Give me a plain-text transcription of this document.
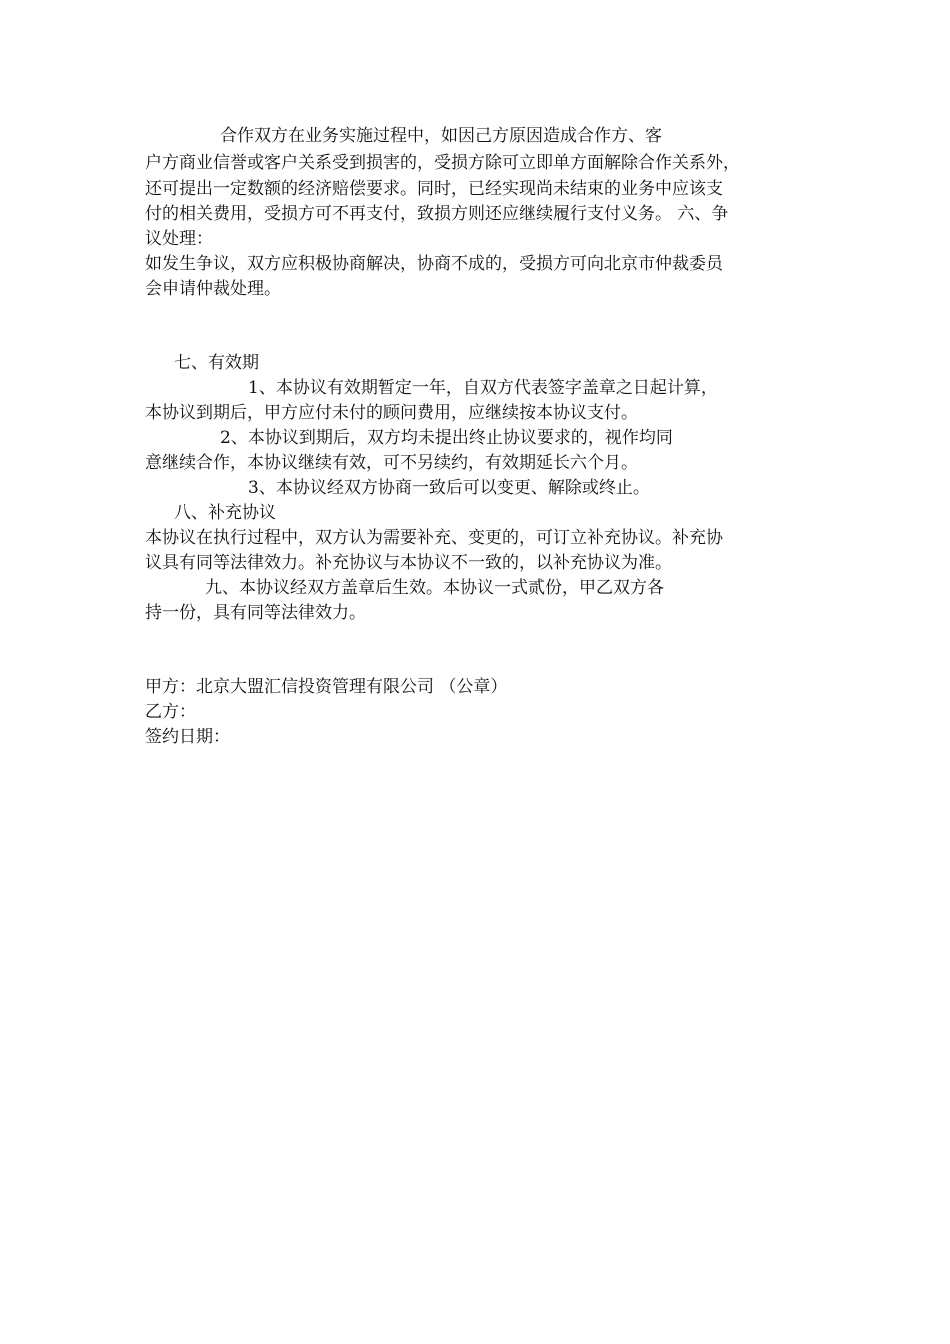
合作双方在业务实施过程中，如因己方原因造成合作方、客
户方商业信誉或客户关系受到损害的，受损方除可立即单方面解除合作关系外，
还可提出一定数额的经济赔偿要求。同时，已经实现尚未结束的业务中应该支
付的相关费用，受损方可不再支付，致损方则还应继续履行支付义务。 六、争
议处理：
如发生争议，双方应积极协商解决，协商不成的，受损方可向北京市仲裁委员
会申请仲裁处理。
七、有效期
1、本协议有效期暂定一年，自双方代表签字盖章之日起计算，
本协议到期后，甲方应付未付的顾问费用，应继续按本协议支付。
2、本协议到期后，双方均未提出终止协议要求的，视作均同
意继续合作，本协议继续有效，可不另续约，有效期延长六个月。
3、本协议经双方协商一致后可以变更、解除或终止。
八、补充协议
本协议在执行过程中，双方认为需要补充、变更的，可订立补充协议。补充协
议具有同等法律效力。补充协议与本协议不一致的，以补充协议为准。
九、本协议经双方盖章后生效。本协议一式贰份，甲乙双方各
持一份，具有同等法律效力。
甲方：北京大盟汇信投资管理有限公司 （公章）
乙方：
签约日期：
